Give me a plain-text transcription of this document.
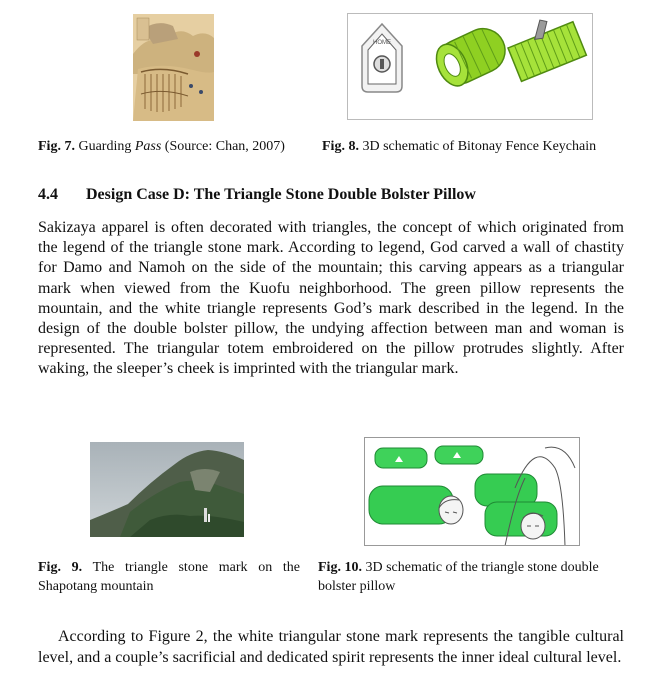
HOME
Fig. 7. Guarding Pass (Source: Chan, 2007)	Fig. 8. 3D schematic of Bitonay Fence Keychain
4.4 Design Case D: The Triangle Stone Double Bolster Pillow
Sakizaya apparel is often decorated with triangles, the concept of which originated from the legend of the triangle stone mark. According to legend, God carved a wall of chastity for Damo and Namoh on the side of the mountain; this carving appears as a triangular mark when viewed from the Kuofu neighborhood. The green pillow represents the mountain, and the white triangle represents God’s mark described in the legend. In the design of the double bolster pillow, the undying affection between man and woman is represented. The triangular totem embroidered on the pillow protrudes slightly. After waking, the sleeper’s cheek is imprinted with the triangular mark.
Fig. 9. The triangle stone mark on the Shapotang mountain
Fig. 10. 3D schematic of the triangle stone double bolster pillow
According to Figure 2, the white triangular stone mark represents the tangible cultural level, and a couple’s sacrificial and dedicated spirit represents the inner ideal cultural level.
